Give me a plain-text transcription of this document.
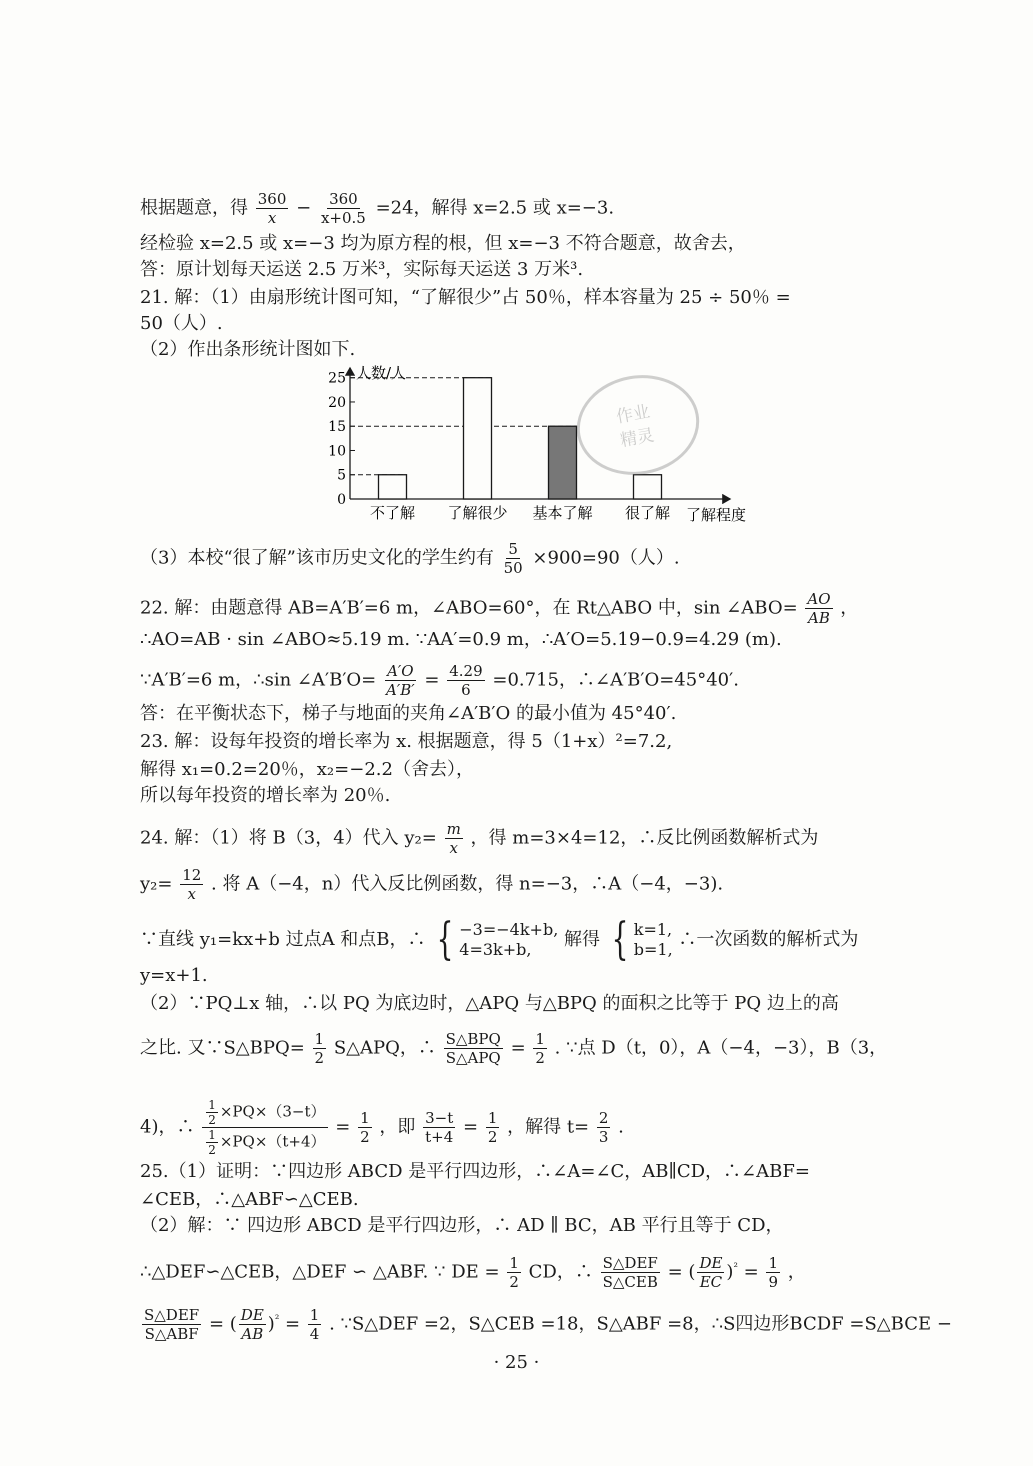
根据题意，得 $\frac{360}{x} - \frac{360}{x+0.5} =24$，解得 x=2.5 或 x=−3.
经检验 x=2.5 或 x=−3 均为原方程的根，但 x=−3 不符合题意，故舍去，
答：原计划每天运送 2.5 万米³，实际每天运送 3 万米³.
21. 解：（1）由扇形统计图可知，“了解很少”占 50％，样本容量为 25 ÷ 50％ =
50（人）.
（2）作出条形统计图如下.
人数/人
了解程度
0
5
10
15
20
25
不了解 了解很少 基本了解 很了解
作业
精灵
（3）本校“很了解”该市历史文化的学生约有 $\frac{5}{50} \times 900=90$（人）.
22. 解：由题意得 AB=A′B′=6 m，∠ABO=60°，在 Rt△ABO 中，sin ∠ABO= $\frac{AO}{AB}$ ，
∴AO=AB · sin ∠ABO≈5.19 m. ∵AA′=0.9 m，∴A′O=5.19−0.9=4.29 (m).
∵A′B′=6 m，∴sin ∠A′B′O= $\frac{A'O}{A'B'} = \frac{4.29}{6} =0.715$，∴∠A′B′O=45°40′.
答：在平衡状态下，梯子与地面的夹角∠A′B′O 的最小值为 45°40′.
23. 解：设每年投资的增长率为 x. 根据题意，得 5（1+x）²=7.2,
解得 x₁=0.2=20％，x₂=−2.2（舍去），
所以每年投资的增长率为 20％.
24. 解：（1）将 B（3，4）代入 $y_2= \frac{m}{x}$ ，得 m=3×4=12，∴反比例函数解析式为
$y_2= \frac{12}{x}$ . 将 A（−4，n）代入反比例函数，得 n=−3，∴A（−4，−3).
∵直线 y₁=kx+b 过点A 和点B，∴ { −3=−4k+b,
4=3k+b,	解得 { k=1,
b=1, ∴一次函数的解析式为
y=x+1.
（2）∵PQ⊥x 轴，∴以 PQ 为底边时，△APQ 与△BPQ 的面积之比等于 PQ 边上的高
之比. 又∵S△BPQ= $\frac{1}{2}$ S△APQ，∴ S△BPQ
S△APQ = $\frac{1}{2}$ . ∵点 D（t，0），A（−4，−3），B（3，
4)，∴ $\frac{\frac{1}{2} \times PQ\times(3-t)}{\frac{1}{2} \times PQ\times(t+4)} = \frac{1}{2}$ ，即 $\frac{3-t}{t+4} = \frac{1}{2}$ ，解得 $t= \frac{2}{3}$ .
25.（1）证明：∵四边形 ABCD 是平行四边形，∴∠A=∠C，AB∥CD，∴∠ABF=
∠CEB，∴△ABF∽△CEB.
（2）解：∵ 四边形 ABCD 是平行四边形，∴ AD ∥ BC，AB 平行且等于 CD，
∴△DEF∽△CEB，△DEF ∽ △ABF. ∵ DE = $\frac{1}{2}$ CD，∴ S△DEF
S△CEB = ( $\frac{DE}{EC} )^{^2} = \frac{1}{9}$ ，
S△DEF
S△ABF = ( $\frac{DE}{AB} )^{^2} = \frac{1}{4}$ . ∵S△DEF =2，S△CEB =18，S△ABF =8，∴S四边形BCDF =S△BCE −
· 25 ·
